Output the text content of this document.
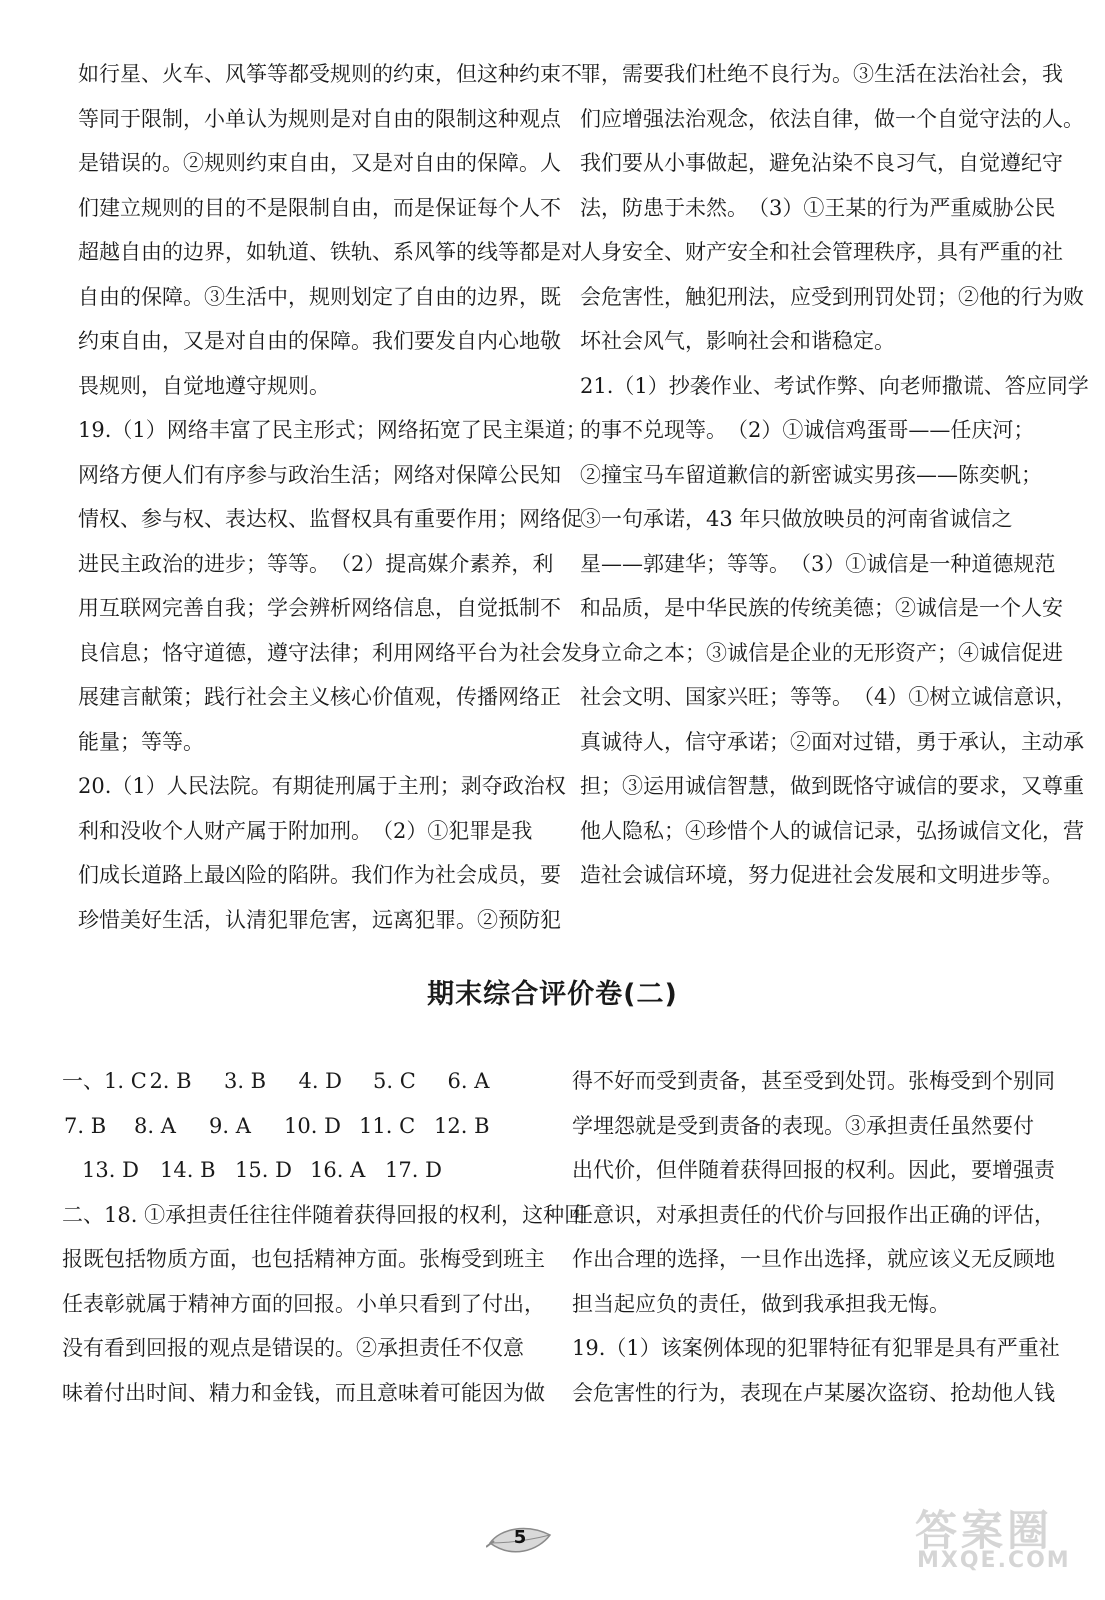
如行星、火车、风筝等都受规则的约束，但这种约束不

等同于限制，小单认为规则是对自由的限制这种观点

是错误的。②规则约束自由，又是对自由的保障。人

们建立规则的目的不是限制自由，而是保证每个人不

超越自由的边界，如轨道、铁轨、系风筝的线等都是对

自由的保障。③生活中，规则划定了自由的边界，既

约束自由，又是对自由的保障。我们要发自内心地敬

畏规则，自觉地遵守规则。

19.（1）网络丰富了民主形式；网络拓宽了民主渠道；

网络方便人们有序参与政治生活；网络对保障公民知

情权、参与权、表达权、监督权具有重要作用；网络促

进民主政治的进步；等等。　（2）提高媒介素养，利

用互联网完善自我；学会辨析网络信息，自觉抵制不

良信息；恪守道德，遵守法律；利用网络平台为社会发

展建言献策；践行社会主义核心价值观，传播网络正

能量；等等。

20.（1）人民法院。有期徒刑属于主刑；剥夺政治权

利和没收个人财产属于附加刑。　（2）①犯罪是我

们成长道路上最凶险的陷阱。我们作为社会成员，要

珍惜美好生活，认清犯罪危害，远离犯罪。②预防犯

罪，需要我们杜绝不良行为。③生活在法治社会，我

们应增强法治观念，依法自律，做一个自觉守法的人。

我们要从小事做起，避免沾染不良习气，自觉遵纪守

法，防患于未然。　（3）①王某的行为严重威胁公民

人身安全、财产安全和社会管理秩序，具有严重的社

会危害性，触犯刑法，应受到刑罚处罚；②他的行为败

坏社会风气，影响社会和谐稳定。

21.（1）抄袭作业、考试作弊、向老师撒谎、答应同学

的事不兑现等。　（2）①诚信鸡蛋哥——任庆河；

②撞宝马车留道歉信的新密诚实男孩——陈奕帆；

③一句承诺，43 年只做放映员的河南省诚信之

星——郭建华；等等。　（3）①诚信是一种道德规范

和品质，是中华民族的传统美德；②诚信是一个人安

身立命之本；③诚信是企业的无形资产；④诚信促进

社会文明、国家兴旺；等等。　（4）①树立诚信意识，

真诚待人，信守承诺；②面对过错，勇于承认，主动承

担；③运用诚信智慧，做到既恪守诚信的要求，又尊重

他人隐私；④珍惜个人的诚信记录，弘扬诚信文化，营

造社会诚信环境，努力促进社会发展和文明进步等。

期末综合评价卷(二)
一、1. C 2. B	3. B	4. D	5. C	6. A
7. B	8. A	9. A	10. D 11. C 12. B
13. D	14. B 15. D 16. A 17. D

二、18. ①承担责任往往伴随着获得回报的权利，这种回

报既包括物质方面，也包括精神方面。张梅受到班主

任表彰就属于精神方面的回报。小单只看到了付出，

没有看到回报的观点是错误的。②承担责任不仅意

味着付出时间、精力和金钱，而且意味着可能因为做

得不好而受到责备，甚至受到处罚。张梅受到个别同

学埋怨就是受到责备的表现。③承担责任虽然要付

出代价，但伴随着获得回报的权利。因此，要增强责

任意识，对承担责任的代价与回报作出正确的评估，

作出合理的选择，一旦作出选择，就应该义无反顾地

担当起应负的责任，做到我承担我无悔。

19.（1）该案例体现的犯罪特征有犯罪是具有严重社

会危害性的行为，表现在卢某屡次盗窃、抢劫他人钱

5	答案圈
MXQE.COM
